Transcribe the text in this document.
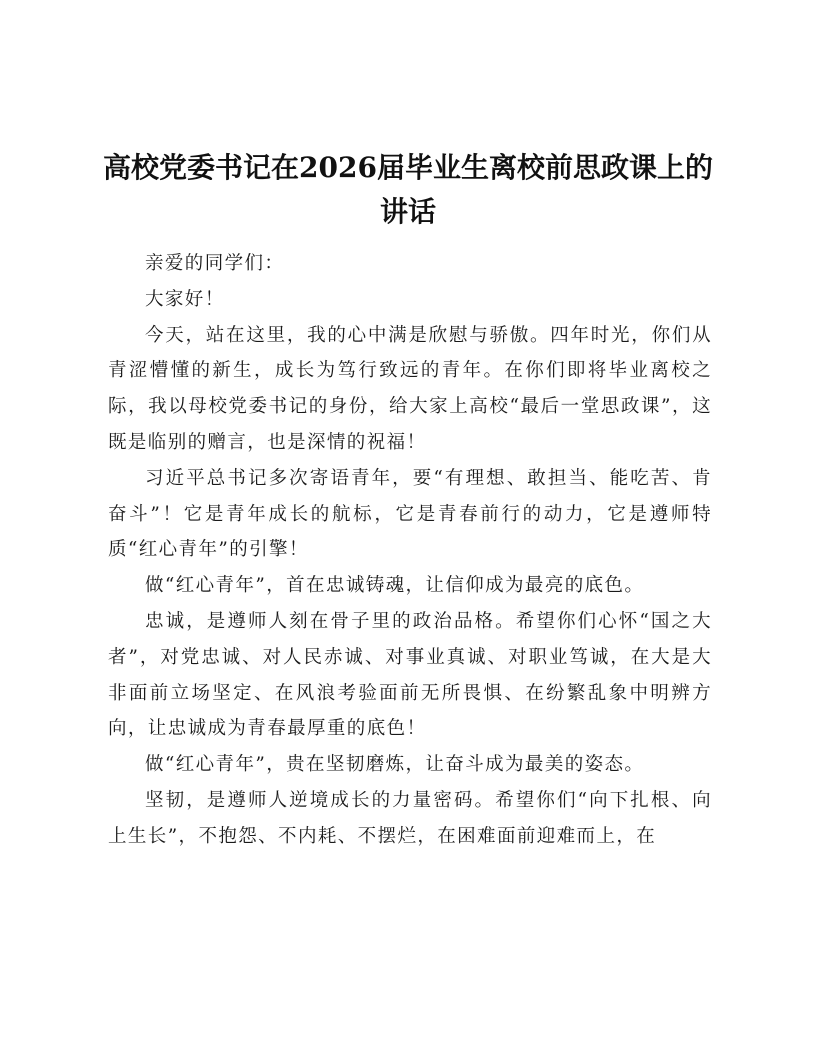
高校党委书记在2026届毕业生离校前思政课上的讲话

亲爱的同学们：

大家好！

今天，站在这里，我的心中满是欣慰与骄傲。四年时光，你们从青涩懵懂的新生，成长为笃行致远的青年。在你们即将毕业离校之际，我以母校党委书记的身份，给大家上高校“最后一堂思政课”，这既是临别的赠言，也是深情的祝福！

习近平总书记多次寄语青年，要“有理想、敢担当、能吃苦、肯奋斗”！它是青年成长的航标，它是青春前行的动力，它是遵师特质“红心青年”的引擎！

做“红心青年”，首在忠诚铸魂，让信仰成为最亮的底色。

忠诚，是遵师人刻在骨子里的政治品格。希望你们心怀“国之大者”，对党忠诚、对人民赤诚、对事业真诚、对职业笃诚，在大是大非面前立场坚定、在风浪考验面前无所畏惧、在纷繁乱象中明辨方向，让忠诚成为青春最厚重的底色！

做“红心青年”，贵在坚韧磨炼，让奋斗成为最美的姿态。

坚韧，是遵师人逆境成长的力量密码。希望你们“向下扎根、向上生长”，不抱怨、不内耗、不摆烂，在困难面前迎难而上，在
